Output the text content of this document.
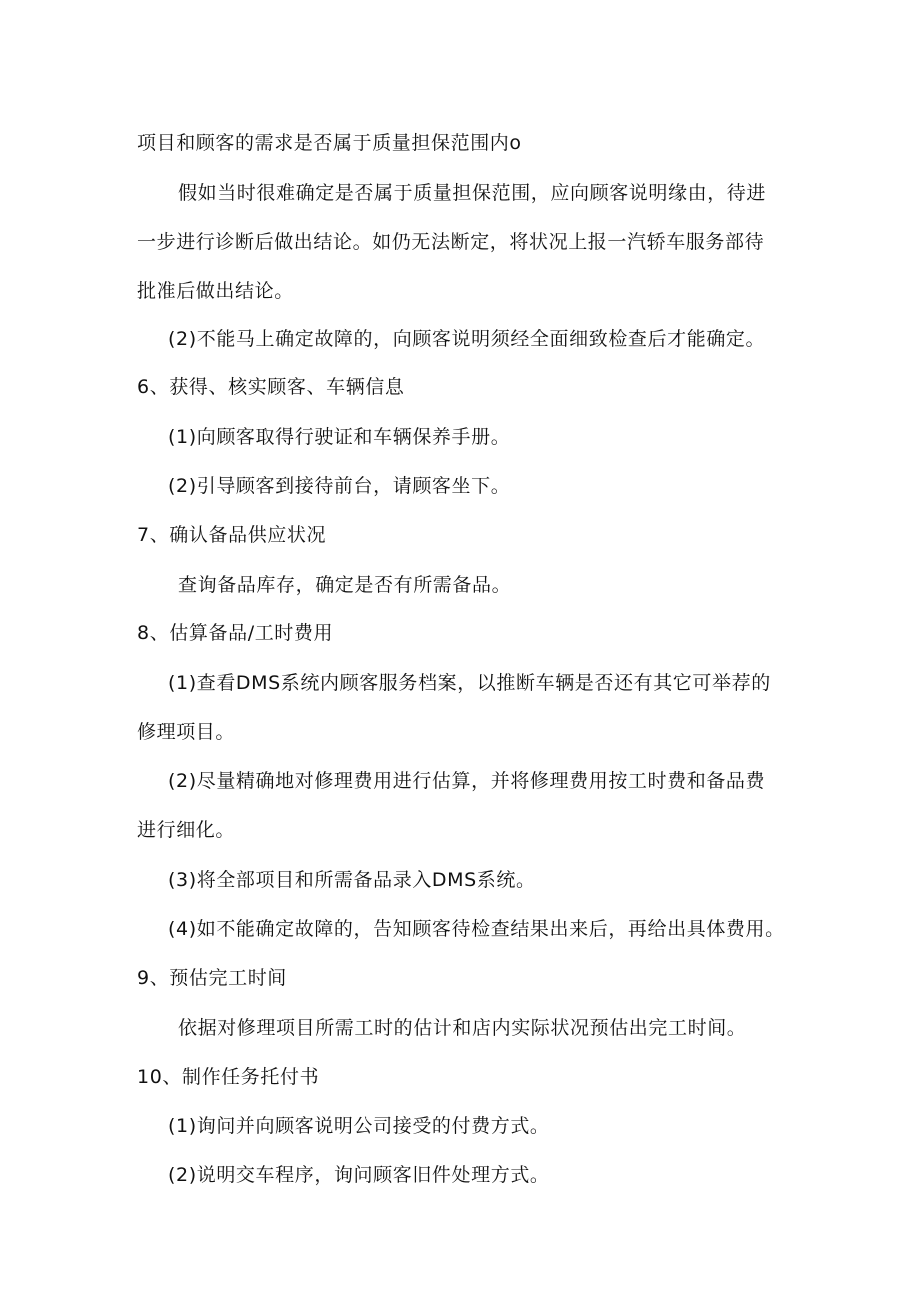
项目和顾客的需求是否属于质量担保范围内o
假如当时很难确定是否属于质量担保范围，应向顾客说明缘由，待进
一步进行诊断后做出结论。如仍无法断定，将状况上报一汽轿车服务部待
批准后做出结论。
(2)不能马上确定故障的，向顾客说明须经全面细致检查后才能确定。
6、获得、核实顾客、车辆信息
(1)向顾客取得行驶证和车辆保养手册。
(2)引导顾客到接待前台，请顾客坐下。
7、确认备品供应状况
查询备品库存，确定是否有所需备品。
8、估算备品/工时费用
(1)查看DMS系统内顾客服务档案，以推断车辆是否还有其它可举荐的
修理项目。
(2)尽量精确地对修理费用进行估算，并将修理费用按工时费和备品费
进行细化。
(3)将全部项目和所需备品录入DMS系统。
(4)如不能确定故障的，告知顾客待检查结果出来后，再给出具体费用。
9、预估完工时间
依据对修理项目所需工时的估计和店内实际状况预估出完工时间。
10、制作任务托付书
(1)询问并向顾客说明公司接受的付费方式。
(2)说明交车程序，询问顾客旧件处理方式。
